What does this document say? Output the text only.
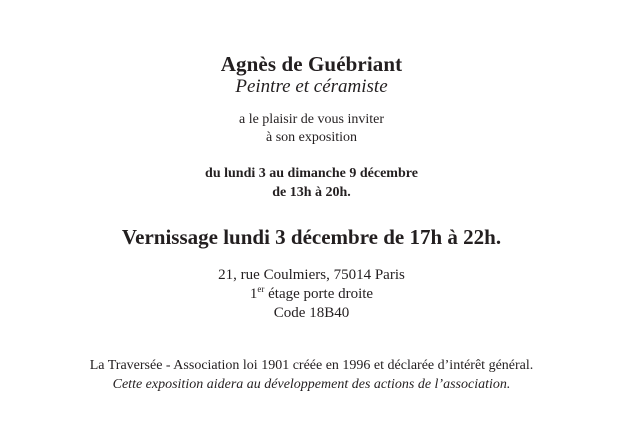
Agnès de Guébriant
Peintre et céramiste
a le plaisir de vous inviter
à son exposition
du lundi 3 au dimanche 9 décembre
de 13h à 20h.
Vernissage lundi 3 décembre de 17h à 22h.
21, rue Coulmiers, 75014 Paris
1er étage porte droite
Code 18B40
La Traversée - Association loi 1901 créée en 1996 et déclarée d’intérêt général.
Cette exposition aidera au développement des actions de l’association.
